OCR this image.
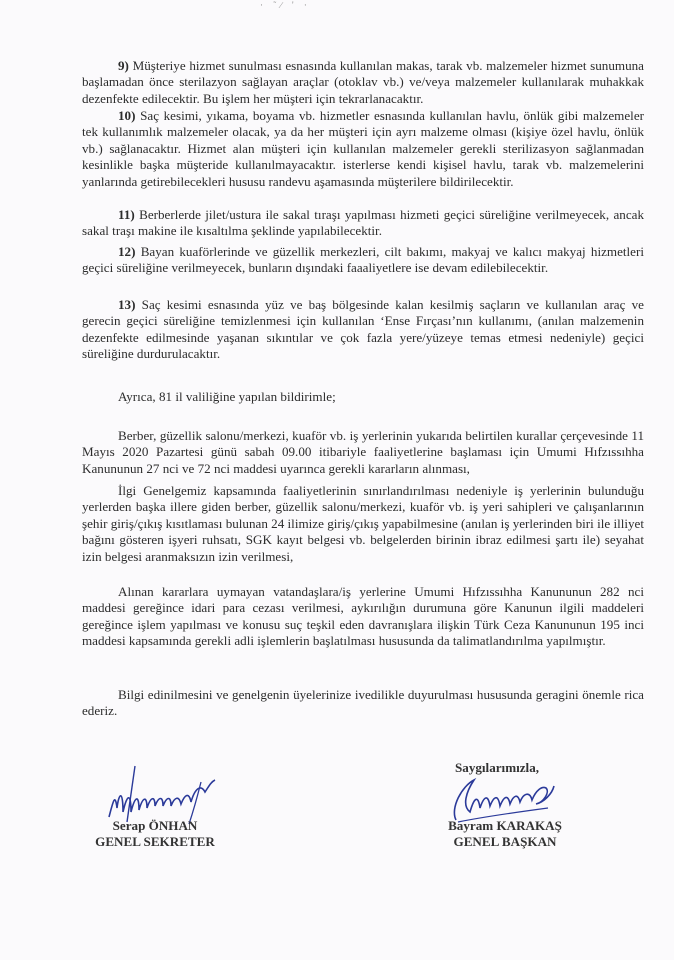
· ˜∕ ' ·

9) Müşteriye hizmet sunulması esnasında kullanılan makas, tarak vb. malzemeler hizmet sunumuna başlamadan önce sterilazyon sağlayan araçlar (otoklav vb.) ve/veya malzemeler kullanılarak muhakkak dezenfekte edilecektir. Bu işlem her müşteri için tekrarlanacaktır.

10) Saç kesimi, yıkama, boyama vb. hizmetler esnasında kullanılan havlu, önlük gibi malzemeler tek kullanımlık malzemeler olacak, ya da her müşteri için ayrı malzeme olması (kişiye özel havlu, önlük vb.) sağlanacaktır. Hizmet alan müşteri için kullanılan malzemeler gerekli sterilizasyon sağlanmadan kesinlikle başka müşteride kullanılmayacaktır. isterlerse kendi kişisel havlu, tarak vb. malzemelerini yanlarında getirebilecekleri hususu randevu aşamasında müşterilere bildirilecektir.

11) Berberlerde jilet/ustura ile sakal tıraşı yapılması hizmeti geçici süreliğine verilmeyecek, ancak sakal traşı makine ile kısaltılma şeklinde yapılabilecektir.

12) Bayan kuaförlerinde ve güzellik merkezleri, cilt bakımı, makyaj ve kalıcı makyaj hizmetleri geçici süreliğine verilmeyecek, bunların dışındaki faaaliyetlere ise devam edilebilecektir.

13) Saç kesimi esnasında yüz ve baş bölgesinde kalan kesilmiş saçların ve kullanılan araç ve gerecin geçici süreliğine temizlenmesi için kullanılan ‘Ense Fırçası’nın kullanımı, (anılan malzemenin dezenfekte edilmesinde yaşanan sıkıntılar ve çok fazla yere/yüzeye temas etmesi nedeniyle) geçici süreliğine durdurulacaktır.

Ayrıca, 81 il valiliğine yapılan bildirimle;

Berber, güzellik salonu/merkezi, kuaför vb. iş yerlerinin yukarıda belirtilen kurallar çerçevesinde 11 Mayıs 2020 Pazartesi günü sabah 09.00 itibariyle faaliyetlerine başlaması için Umumi Hıfzıssıhha Kanununun 27 nci ve 72 nci maddesi uyarınca gerekli kararların alınması,

İlgi Genelgemiz kapsamında faaliyetlerinin sınırlandırılması nedeniyle iş yerlerinin bulunduğu yerlerden başka illere giden berber, güzellik salonu/merkezi, kuaför vb. iş yeri sahipleri ve çalışanlarının şehir giriş/çıkış kısıtlaması bulunan 24 ilimize giriş/çıkış yapabilmesine (anılan iş yerlerinden biri ile illiyet bağını gösteren işyeri ruhsatı, SGK kayıt belgesi vb. belgelerden birinin ibraz edilmesi şartı ile) seyahat izin belgesi aranmaksızın izin verilmesi,

Alınan kararlara uymayan vatandaşlara/iş yerlerine Umumi Hıfzıssıhha Kanununun 282 nci maddesi gereğince idari para cezası verilmesi, aykırılığın durumuna göre Kanunun ilgili maddeleri gereğince işlem yapılması ve konusu suç teşkil eden davranışlara ilişkin Türk Ceza Kanununun 195 inci maddesi kapsamında gerekli adli işlemlerin başlatılması hususunda da talimatlandırılma yapılmıştır.

Bilgi edinilmesini ve genelgenin üyelerinize ivedilikle duyurulması hususunda geragini önemle rica ederiz.

Saygılarımızla,
Serap ÖNHAN
GENEL SEKRETER
Bayram KARAKAŞ
GENEL BAŞKAN
